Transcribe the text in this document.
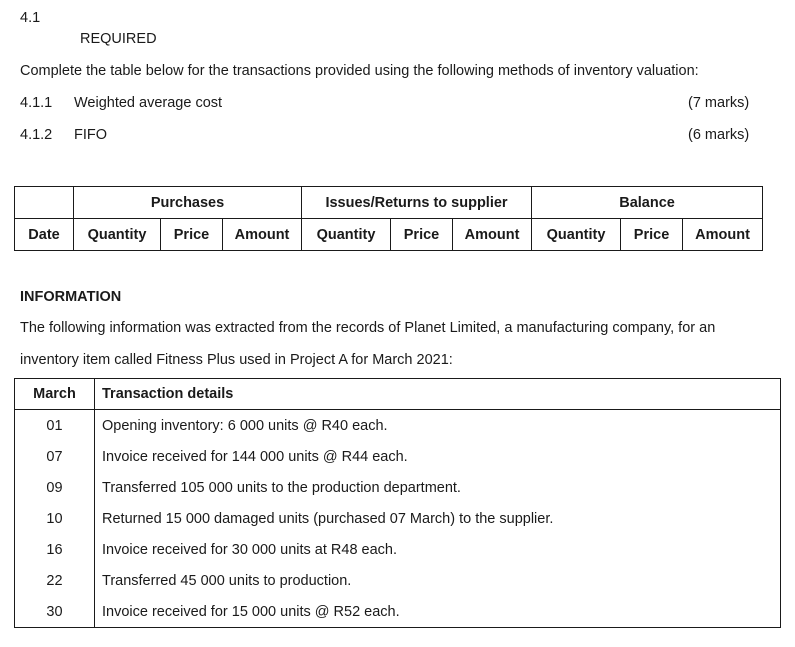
4.1
REQUIRED
Complete the table below for the transactions provided using the following methods of inventory valuation:
4.1.1 Weighted average cost	(7 marks)
4.1.2 FIFO	(6 marks)
	Purchases			Issues/Returns to supplier			Balance		
Date	Quantity	Price	Amount	Quantity	Price	Amount	Quantity	Price	Amount
INFORMATION
The following information was extracted from the records of Planet Limited, a manufacturing company, for an
inventory item called Fitness Plus used in Project A for March 2021:
March	Transaction details
01	Opening inventory: 6 000 units @ R40 each.
07	Invoice received for 144 000 units @ R44 each.
09	Transferred 105 000 units to the production department.
10	Returned 15 000 damaged units (purchased 07 March) to the supplier.
16	Invoice received for 30 000 units at R48 each.
22	Transferred 45 000 units to production.
30	Invoice received for 15 000 units @ R52 each.
